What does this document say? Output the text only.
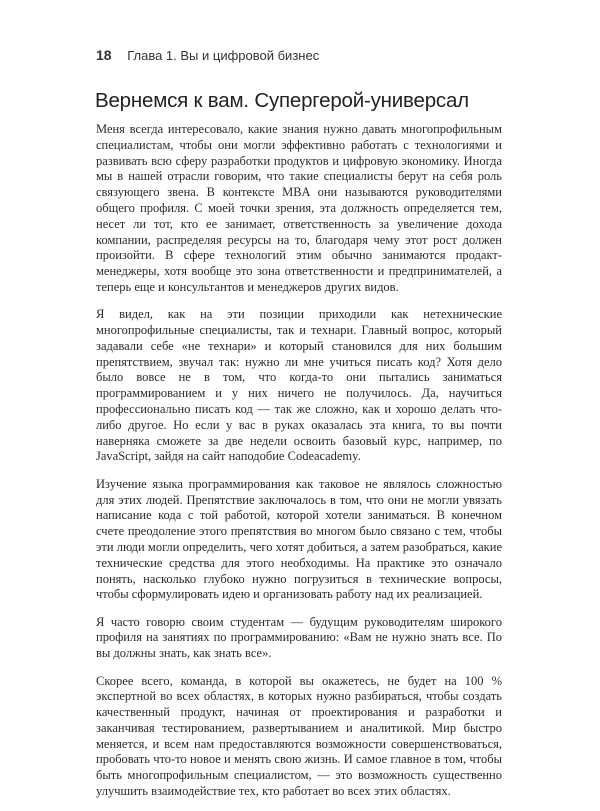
18 Глава 1. Вы и цифровой бизнес
Вернемся к вам. Супергерой-универсал

Меня всегда интересовало, какие знания нужно давать многопрофильным специалистам, чтобы они могли эффективно работать с технологиями и развивать всю сферу разработки продуктов и цифровую экономику. Иногда мы в нашей отрасли говорим, что такие специалисты берут на себя роль связующего звена. В контексте MBA они называются руководителями общего профиля. С моей точки зрения, эта должность определяется тем, несет ли тот, кто ее занимает, ответственность за увеличение дохода компании, распределяя ресурсы на то, благодаря чему этот рост должен произойти. В сфере технологий этим обычно занимаются продакт-менеджеры, хотя вообще это зона ответственности и предпринимателей, а теперь еще и консультантов и менеджеров других видов.

Я видел, как на эти позиции приходили как нетехнические многопрофильные специалисты, так и технари. Главный вопрос, который задавали себе «не технари» и который становился для них большим препятствием, звучал так: нужно ли мне учиться писать код? Хотя дело было вовсе не в том, что когда-то они пытались заниматься программированием и у них ничего не получилось. Да, научиться профессионально писать код — так же сложно, как и хорошо делать что-либо другое. Но если у вас в руках оказалась эта книга, то вы почти наверняка сможете за две недели освоить базовый курс, например, по JavaScript, зайдя на сайт наподобие Codeacademy.

Изучение языка программирования как таковое не являлось сложностью для этих людей. Препятствие заключалось в том, что они не могли увязать написание кода с той работой, которой хотели заниматься. В конечном счете преодоление этого препятствия во многом было связано с тем, чтобы эти люди могли определить, чего хотят добиться, а затем разобраться, какие технические средства для этого необходимы. На практике это означало понять, насколько глубоко нужно погрузиться в технические вопросы, чтобы сформулировать идею и организовать работу над их реализацией.

Я часто говорю своим студентам — будущим руководителям широкого профиля на занятиях по программированию: «Вам не нужно знать все. По вы должны знать, как знать все».

Скорее всего, команда, в которой вы окажетесь, не будет на 100 % экспертной во всех областях, в которых нужно разбираться, чтобы создать качественный продукт, начиная от проектирования и разработки и заканчивая тестированием, развертыванием и аналитикой. Мир быстро меняется, и всем нам предоставляются возможности совершенствоваться, пробовать что-то новое и менять свою жизнь. И самое главное в том, чтобы быть многопрофильным специалистом, — это возможность существенно улучшить взаимодействие тех, кто работает во всех этих областях.
